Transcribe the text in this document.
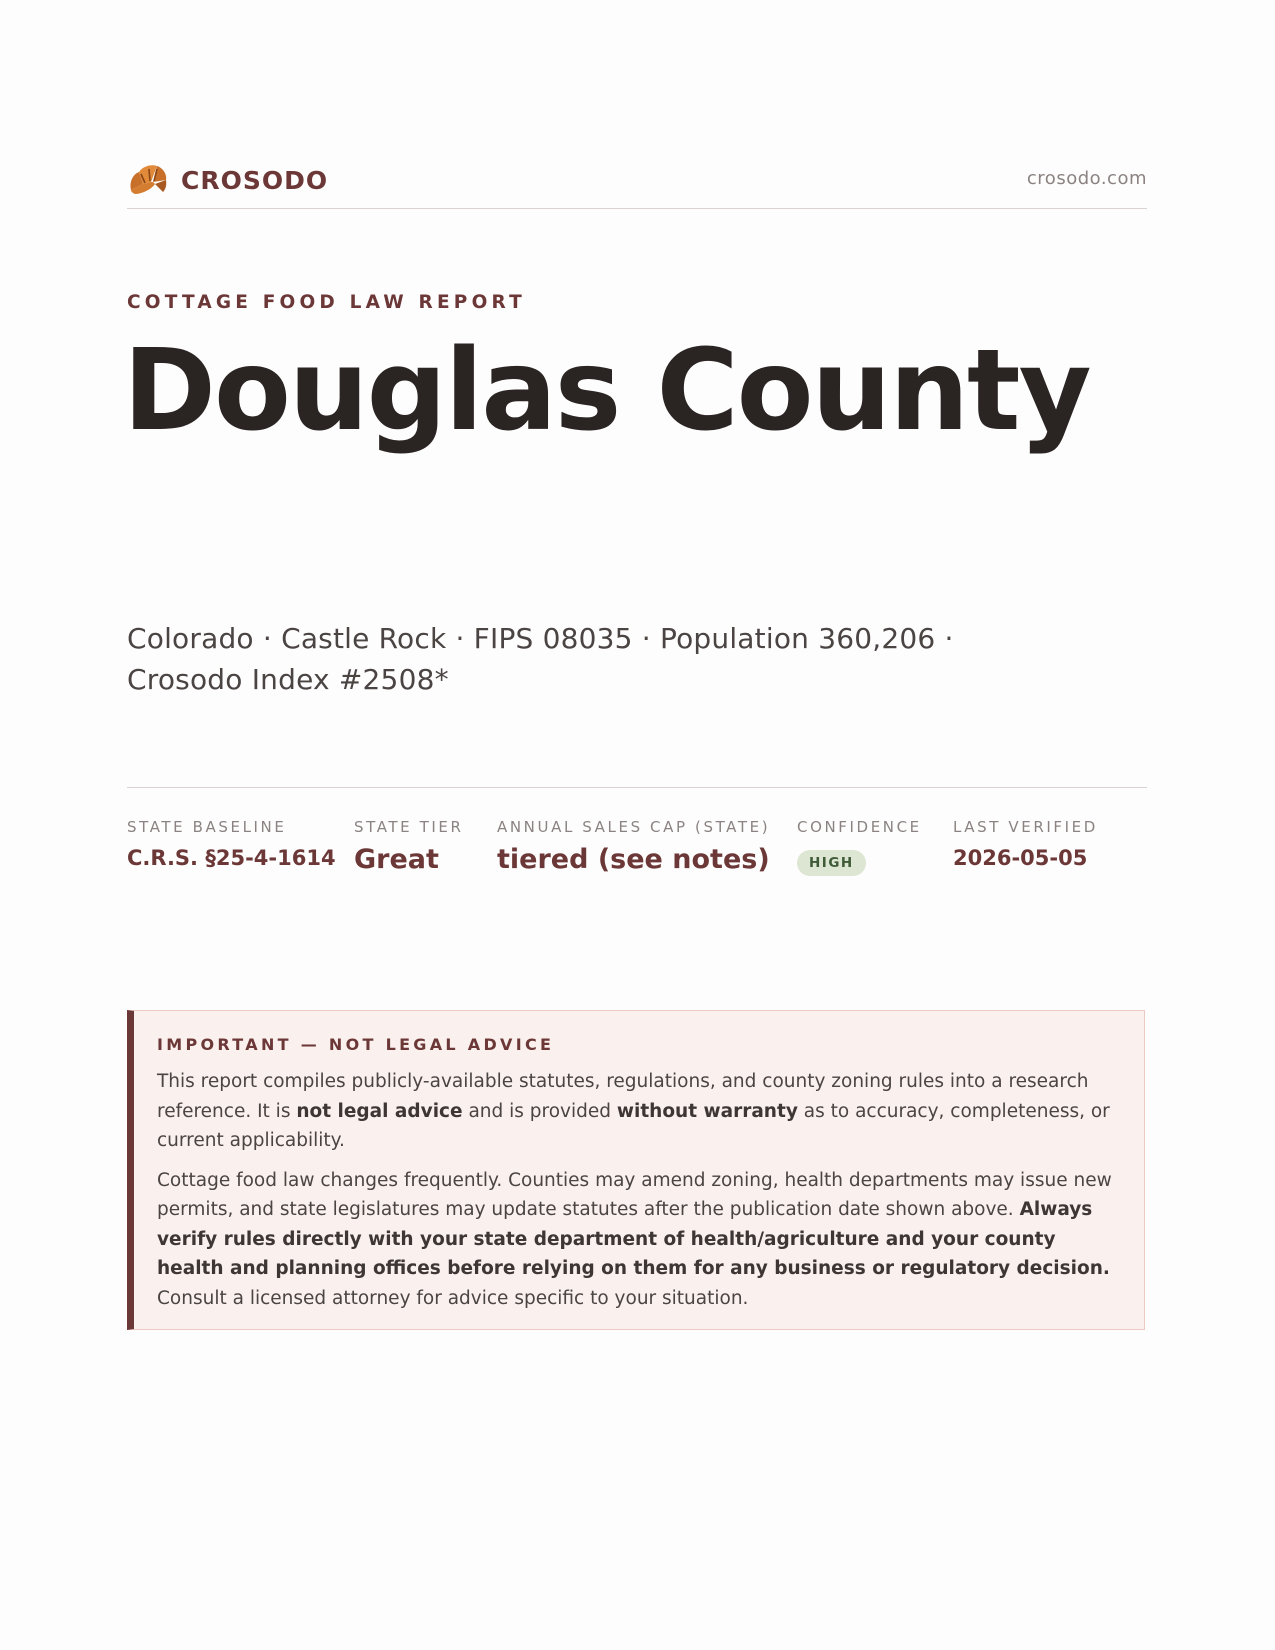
CROSODO	crosodo.com
COTTAGE FOOD LAW REPORT
Douglas County
Colorado · Castle Rock · FIPS 08035 · Population 360,206 · Crosodo Index #2508*
STATE BASELINE
C.R.S. §25-4-1614
STATE TIER
Great
ANNUAL SALES CAP (STATE)
tiered (see notes)
CONFIDENCE
HIGH
LAST VERIFIED
2026-05-05
IMPORTANT — NOT LEGAL ADVICE

This report compiles publicly-available statutes, regulations, and county zoning rules into a research reference. It is not legal advice and is provided without warranty as to accuracy, completeness, or current applicability.

Cottage food law changes frequently. Counties may amend zoning, health departments may issue new permits, and state legislatures may update statutes after the publication date shown above. Always verify rules directly with your state department of health/agriculture and your county health and planning offices before relying on them for any business or regulatory decision. Consult a licensed attorney for advice specific to your situation.
